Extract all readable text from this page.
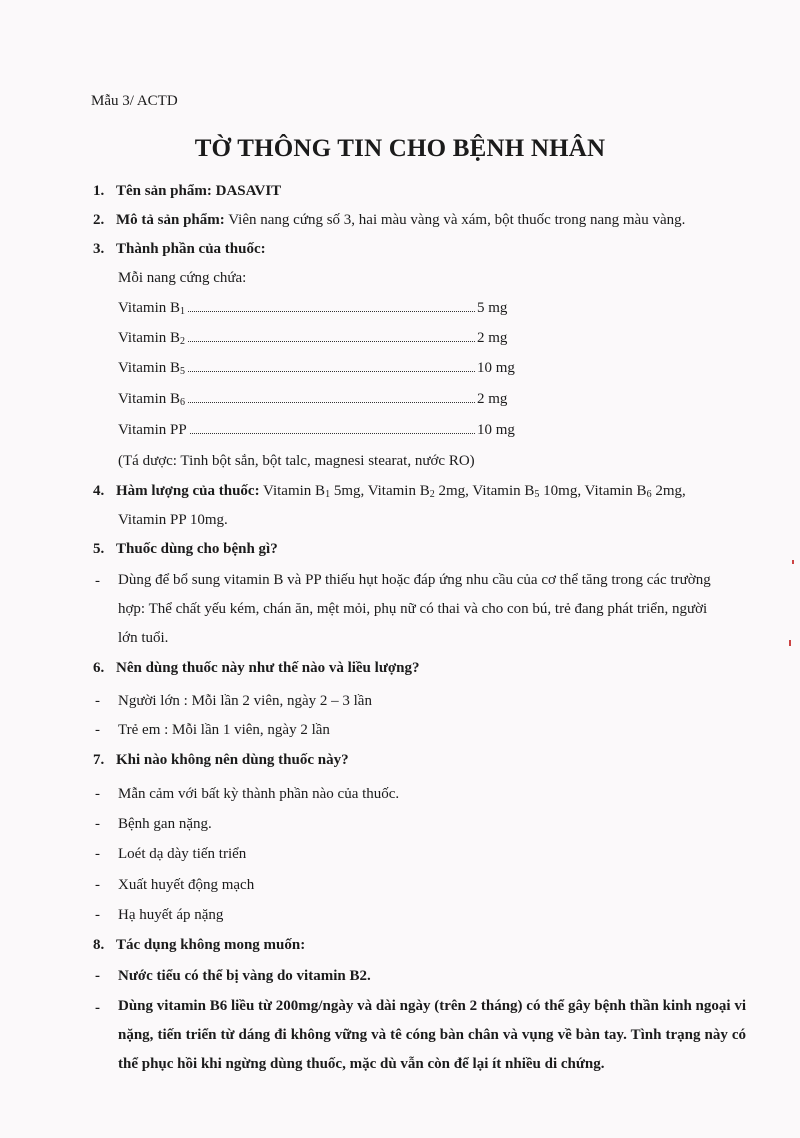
Mẫu 3/ ACTD
TỜ THÔNG TIN CHO BỆNH NHÂN
1. Tên sản phẩm: DASAVIT
2. Mô tả sản phẩm: Viên nang cứng số 3, hai màu vàng và xám, bột thuốc trong nang màu vàng.
3. Thành phần của thuốc:
Mỗi nang cứng chứa:
Vitamin $B_1$	5 mg
Vitamin $B_2$	2 mg
Vitamin $B_5$	10 mg
Vitamin $B_6$	2 mg
Vitamin PP	10 mg
(Tá dược: Tinh bột sắn, bột talc, magnesi stearat, nước RO)
4. Hàm lượng của thuốc: Vitamin $B_1$ 5mg, Vitamin $B_2$ 2mg, Vitamin $B_5$ 10mg, Vitamin $B_6$ 2mg,
Vitamin PP 10mg.
5. Thuốc dùng cho bệnh gì?
- Dùng để bổ sung vitamin B và PP thiếu hụt hoặc đáp ứng nhu cầu của cơ thể tăng trong các trường hợp: Thể chất yếu kém, chán ăn, mệt mỏi, phụ nữ có thai và cho con bú, trẻ đang phát triển, người lớn tuổi.
6. Nên dùng thuốc này như thế nào và liều lượng?
- Người lớn : Mỗi lần 2 viên, ngày 2 – 3 lần
- Trẻ em : Mỗi lần 1 viên, ngày 2 lần
7. Khi nào không nên dùng thuốc này?
- Mẫn cảm với bất kỳ thành phần nào của thuốc.
- Bệnh gan nặng.
- Loét dạ dày tiến triển
- Xuất huyết động mạch
- Hạ huyết áp nặng
8. Tác dụng không mong muốn:
- Nước tiểu có thể bị vàng do vitamin B2.
- Dùng vitamin B6 liều từ 200mg/ngày và dài ngày (trên 2 tháng) có thể gây bệnh thần kinh ngoại vi nặng, tiến triển từ dáng đi không vững và tê cóng bàn chân và vụng về bàn tay. Tình trạng này có thể phục hồi khi ngừng dùng thuốc, mặc dù vẫn còn để lại ít nhiều di chứng.
